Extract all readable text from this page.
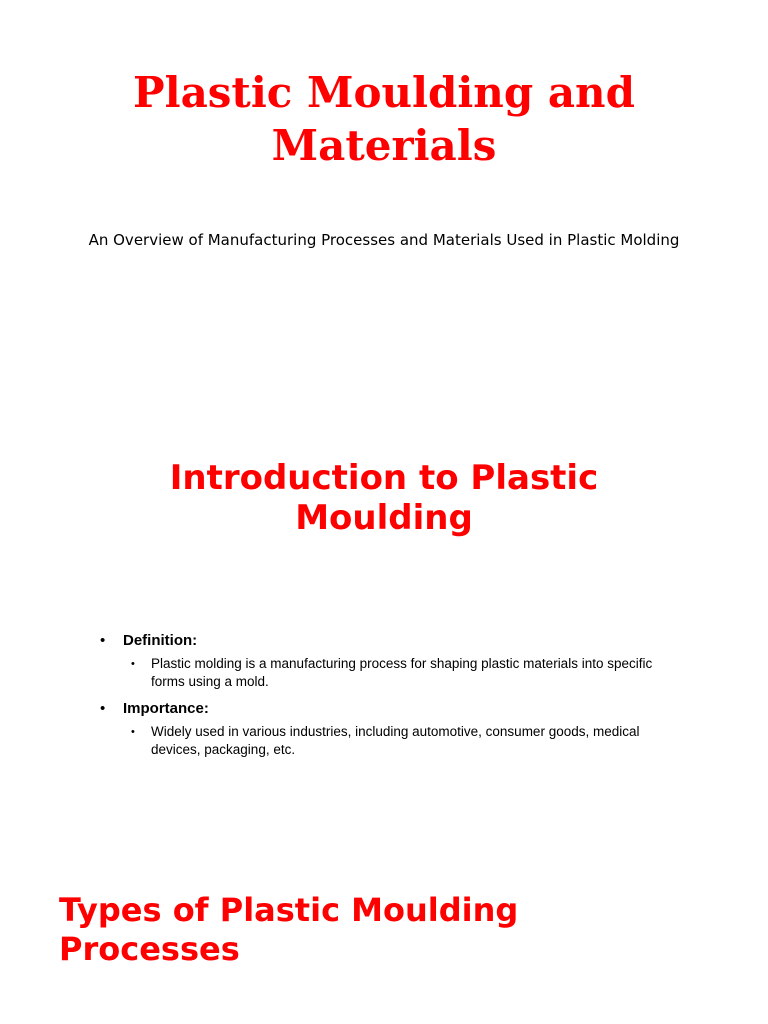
Plastic Moulding and Materials

An Overview of Manufacturing Processes and Materials Used in Plastic Molding

Introduction to Plastic Moulding
• Definition:
• Plastic molding is a manufacturing process for shaping plastic materials into specific forms using a mold.
• Importance:
• Widely used in various industries, including automotive, consumer goods, medical devices, packaging, etc.
Types of Plastic Moulding Processes
